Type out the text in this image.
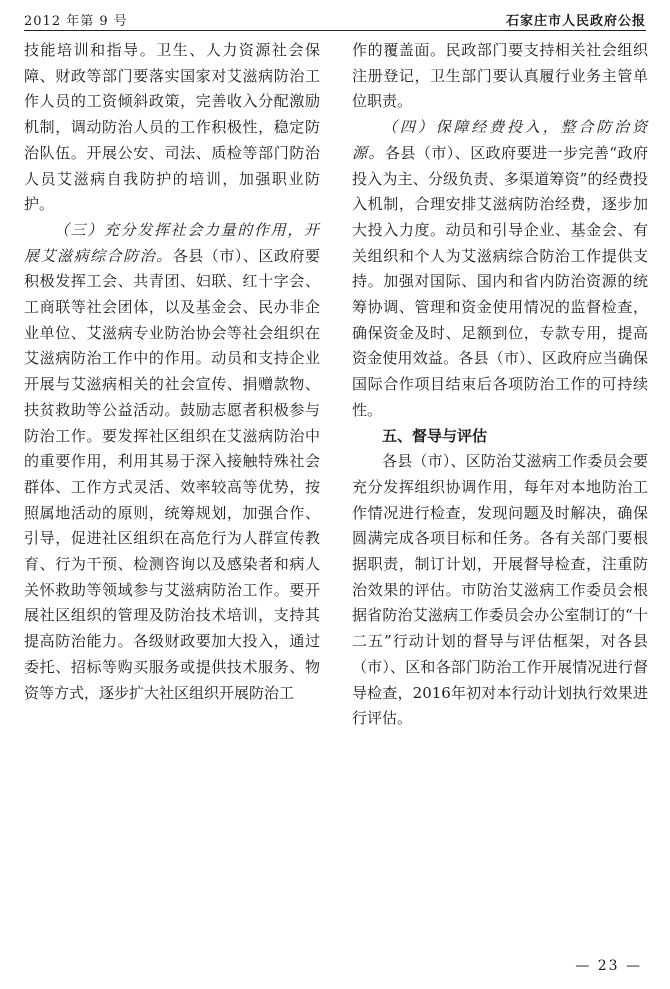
2012 年第 9 号	石家庄市人民政府公报

技能培训和指导。卫生、人力资源社会保障、财政等部门要落实国家对艾滋病防治工作人员的工资倾斜政策，完善收入分配激励机制，调动防治人员的工作积极性，稳定防治队伍。开展公安、司法、质检等部门防治人员艾滋病自我防护的培训，加强职业防护。

（三）充分发挥社会力量的作用，开展艾滋病综合防治。各县（市）、区政府要积极发挥工会、共青团、妇联、红十字会、工商联等社会团体，以及基金会、民办非企业单位、艾滋病专业防治协会等社会组织在艾滋病防治工作中的作用。动员和支持企业开展与艾滋病相关的社会宣传、捐赠款物、扶贫救助等公益活动。鼓励志愿者积极参与防治工作。要发挥社区组织在艾滋病防治中的重要作用，利用其易于深入接触特殊社会群体、工作方式灵活、效率较高等优势，按照属地活动的原则，统筹规划，加强合作、引导，促进社区组织在高危行为人群宣传教育、行为干预、检测咨询以及感染者和病人关怀救助等领域参与艾滋病防治工作。要开展社区组织的管理及防治技术培训，支持其提高防治能力。各级财政要加大投入，通过委托、招标等购买服务或提供技术服务、物资等方式，逐步扩大社区组织开展防治工

作的覆盖面。民政部门要支持相关社会组织注册登记，卫生部门要认真履行业务主管单位职责。

（四）保障经费投入，整合防治资源。各县（市）、区政府要进一步完善“政府投入为主、分级负责、多渠道筹资”的经费投入机制，合理安排艾滋病防治经费，逐步加大投入力度。动员和引导企业、基金会、有关组织和个人为艾滋病综合防治工作提供支持。加强对国际、国内和省内防治资源的统筹协调、管理和资金使用情况的监督检查，确保资金及时、足额到位，专款专用，提高资金使用效益。各县（市）、区政府应当确保国际合作项目结束后各项防治工作的可持续性。

五、督导与评估

各县（市）、区防治艾滋病工作委员会要充分发挥组织协调作用，每年对本地防治工作情况进行检查，发现问题及时解决，确保圆满完成各项目标和任务。各有关部门要根据职责，制订计划，开展督导检查，注重防治效果的评估。市防治艾滋病工作委员会根据省防治艾滋病工作委员会办公室制订的“十二五”行动计划的督导与评估框架，对各县（市）、区和各部门防治工作开展情况进行督导检查，2016年初对本行动计划执行效果进行评估。

— 23 —
